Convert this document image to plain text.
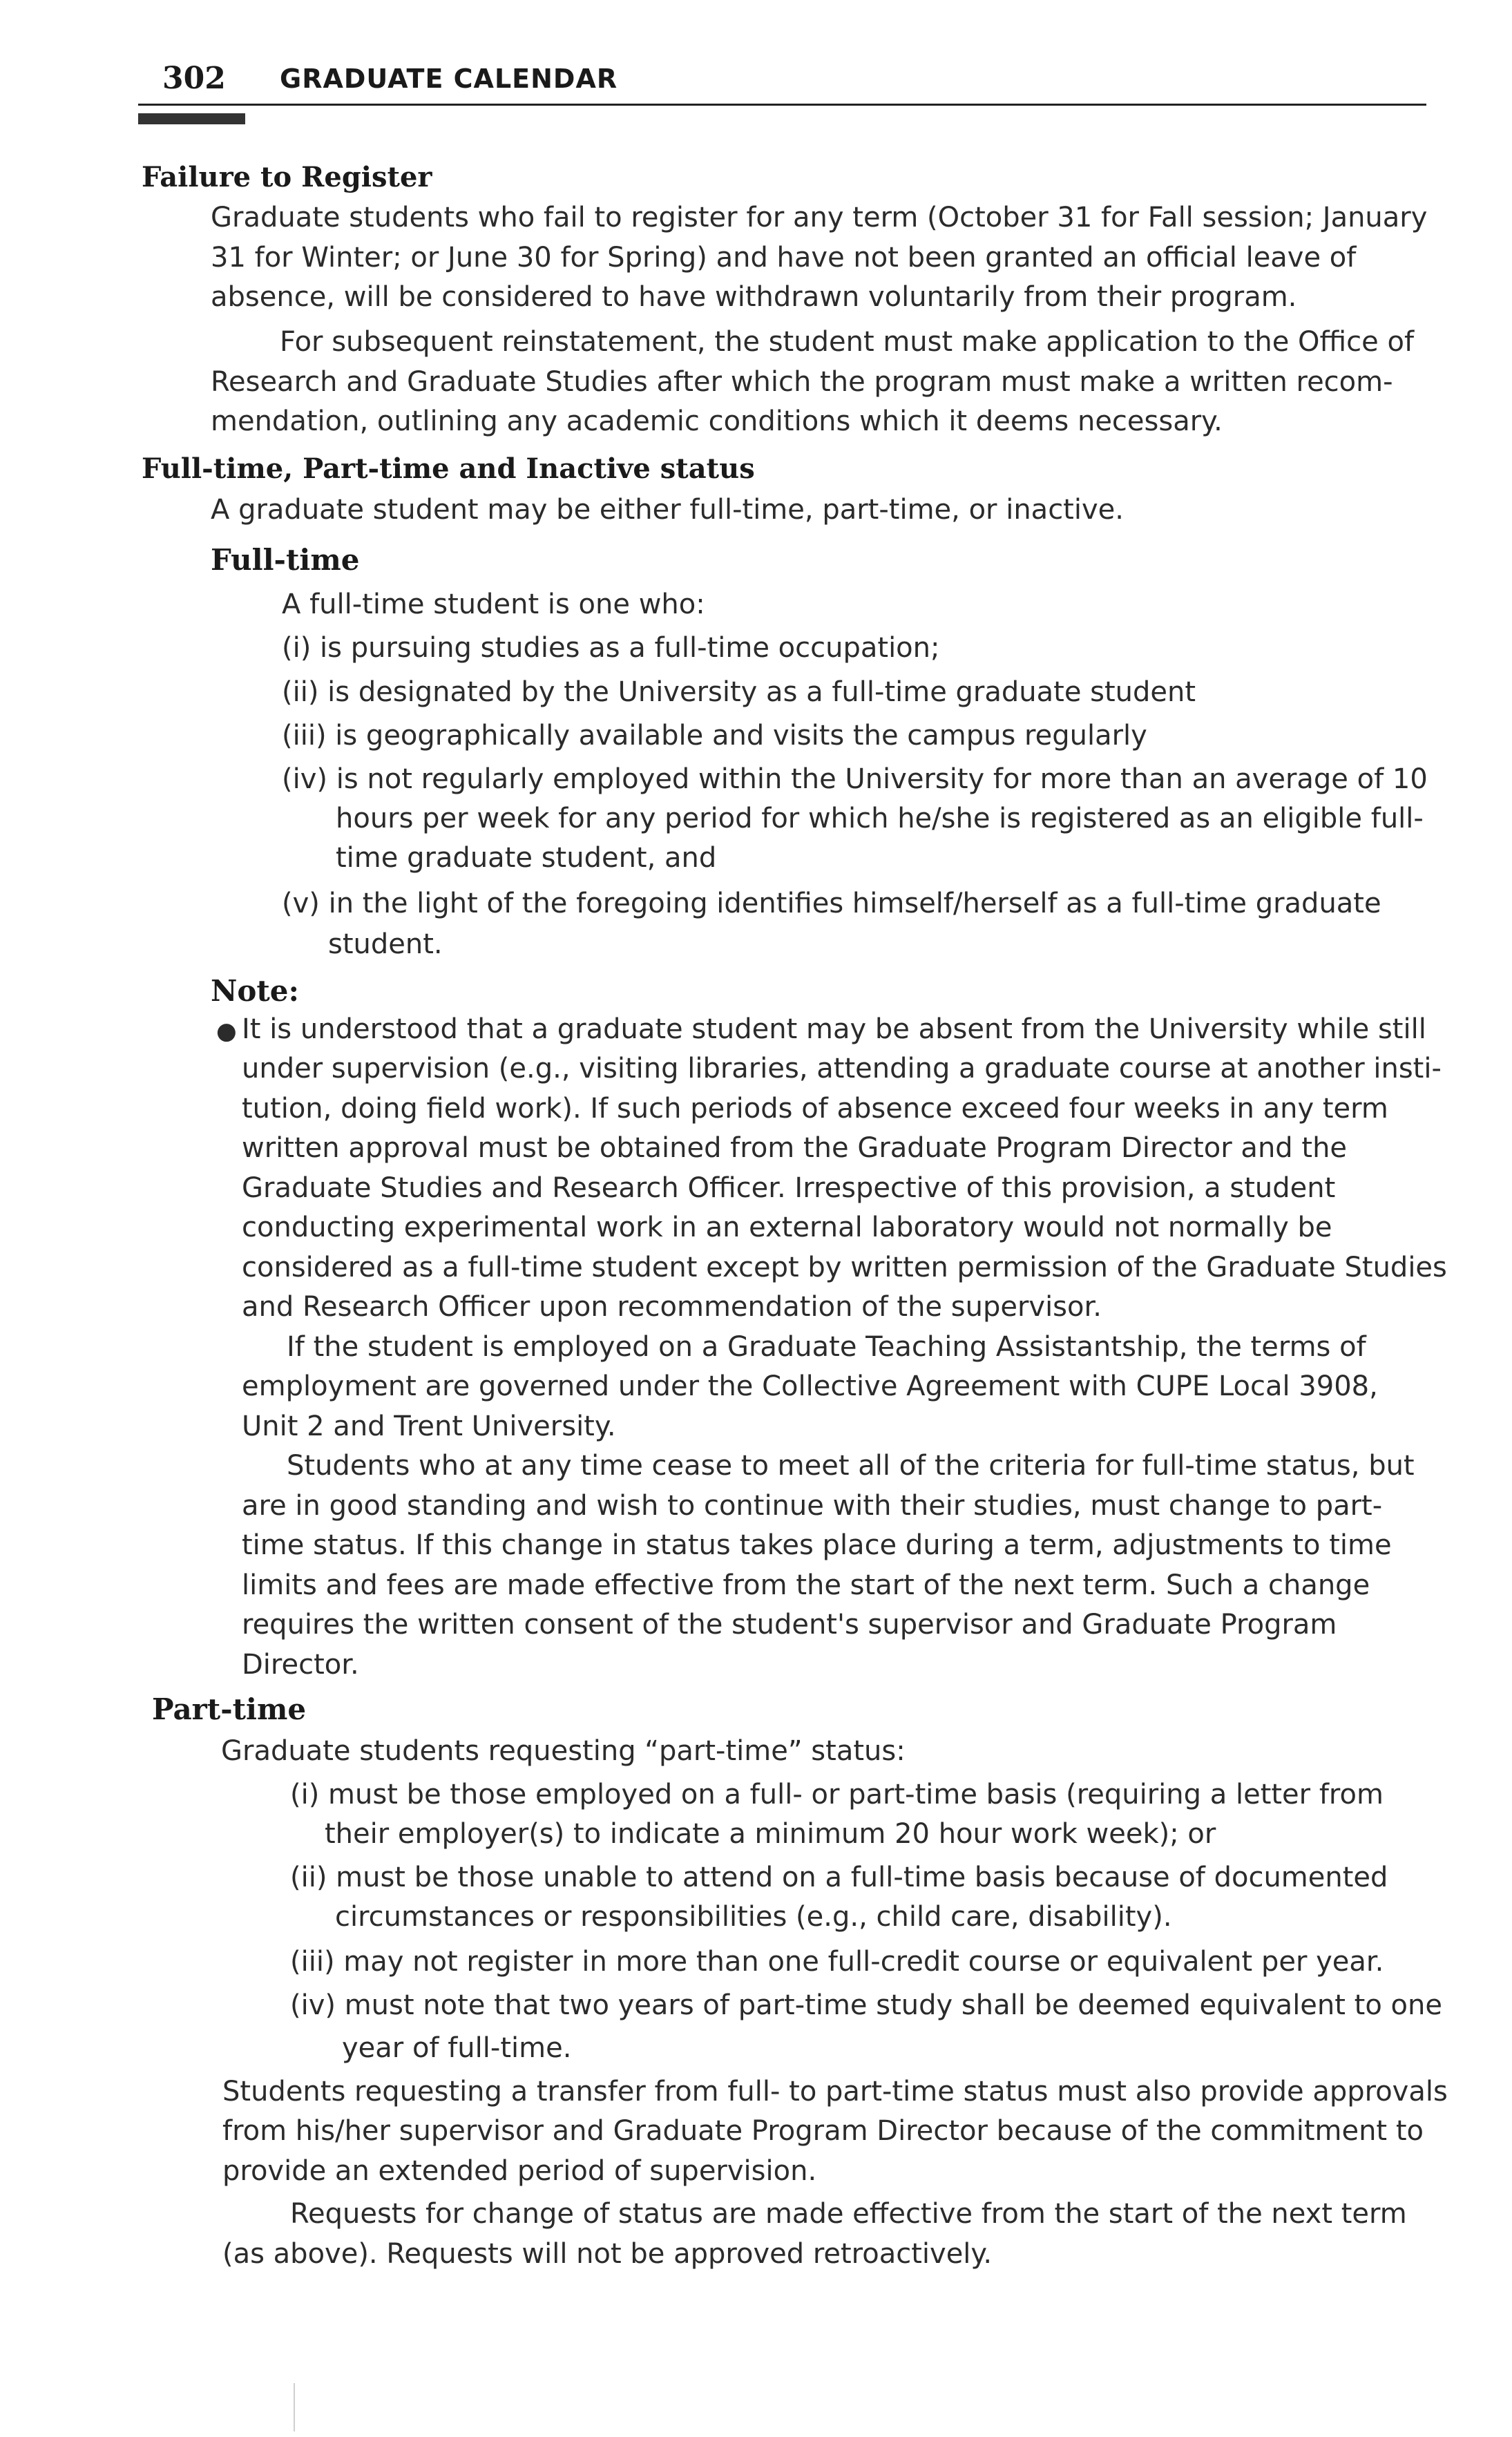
302 GRADUATE CALENDAR
Failure to Register
Graduate students who fail to register for any term (October 31 for Fall session; January
31 for Winter; or June 30 for Spring) and have not been granted an official leave of
absence, will be considered to have withdrawn voluntarily from their program.
For subsequent reinstatement, the student must make application to the Office of
Research and Graduate Studies after which the program must make a written recom-
mendation, outlining any academic conditions which it deems necessary.
Full-time, Part-time and Inactive status
A graduate student may be either full-time, part-time, or inactive.
Full-time
A full-time student is one who:
(i) is pursuing studies as a full-time occupation;
(ii) is designated by the University as a full-time graduate student
(iii) is geographically available and visits the campus regularly
(iv) is not regularly employed within the University for more than an average of 10
hours per week for any period for which he/she is registered as an eligible full-
time graduate student, and
(v) in the light of the foregoing identifies himself/herself as a full-time graduate
student.
Note:
● It is understood that a graduate student may be absent from the University while still
under supervision (e.g., visiting libraries, attending a graduate course at another insti-
tution, doing field work). If such periods of absence exceed four weeks in any term
written approval must be obtained from the Graduate Program Director and the
Graduate Studies and Research Officer. Irrespective of this provision, a student
conducting experimental work in an external laboratory would not normally be
considered as a full-time student except by written permission of the Graduate Studies
and Research Officer upon recommendation of the supervisor.
If the student is employed on a Graduate Teaching Assistantship, the terms of
employment are governed under the Collective Agreement with CUPE Local 3908,
Unit 2 and Trent University.
Students who at any time cease to meet all of the criteria for full-time status, but
are in good standing and wish to continue with their studies, must change to part-
time status. If this change in status takes place during a term, adjustments to time
limits and fees are made effective from the start of the next term. Such a change
requires the written consent of the student's supervisor and Graduate Program
Director.
Part-time
Graduate students requesting “part-time” status:
(i) must be those employed on a full- or part-time basis (requiring a letter from
their employer(s) to indicate a minimum 20 hour work week); or
(ii) must be those unable to attend on a full-time basis because of documented
circumstances or responsibilities (e.g., child care, disability).
(iii) may not register in more than one full-credit course or equivalent per year.
(iv) must note that two years of part-time study shall be deemed equivalent to one
year of full-time.
Students requesting a transfer from full- to part-time status must also provide approvals
from his/her supervisor and Graduate Program Director because of the commitment to
provide an extended period of supervision.
Requests for change of status are made effective from the start of the next term
(as above). Requests will not be approved retroactively.
